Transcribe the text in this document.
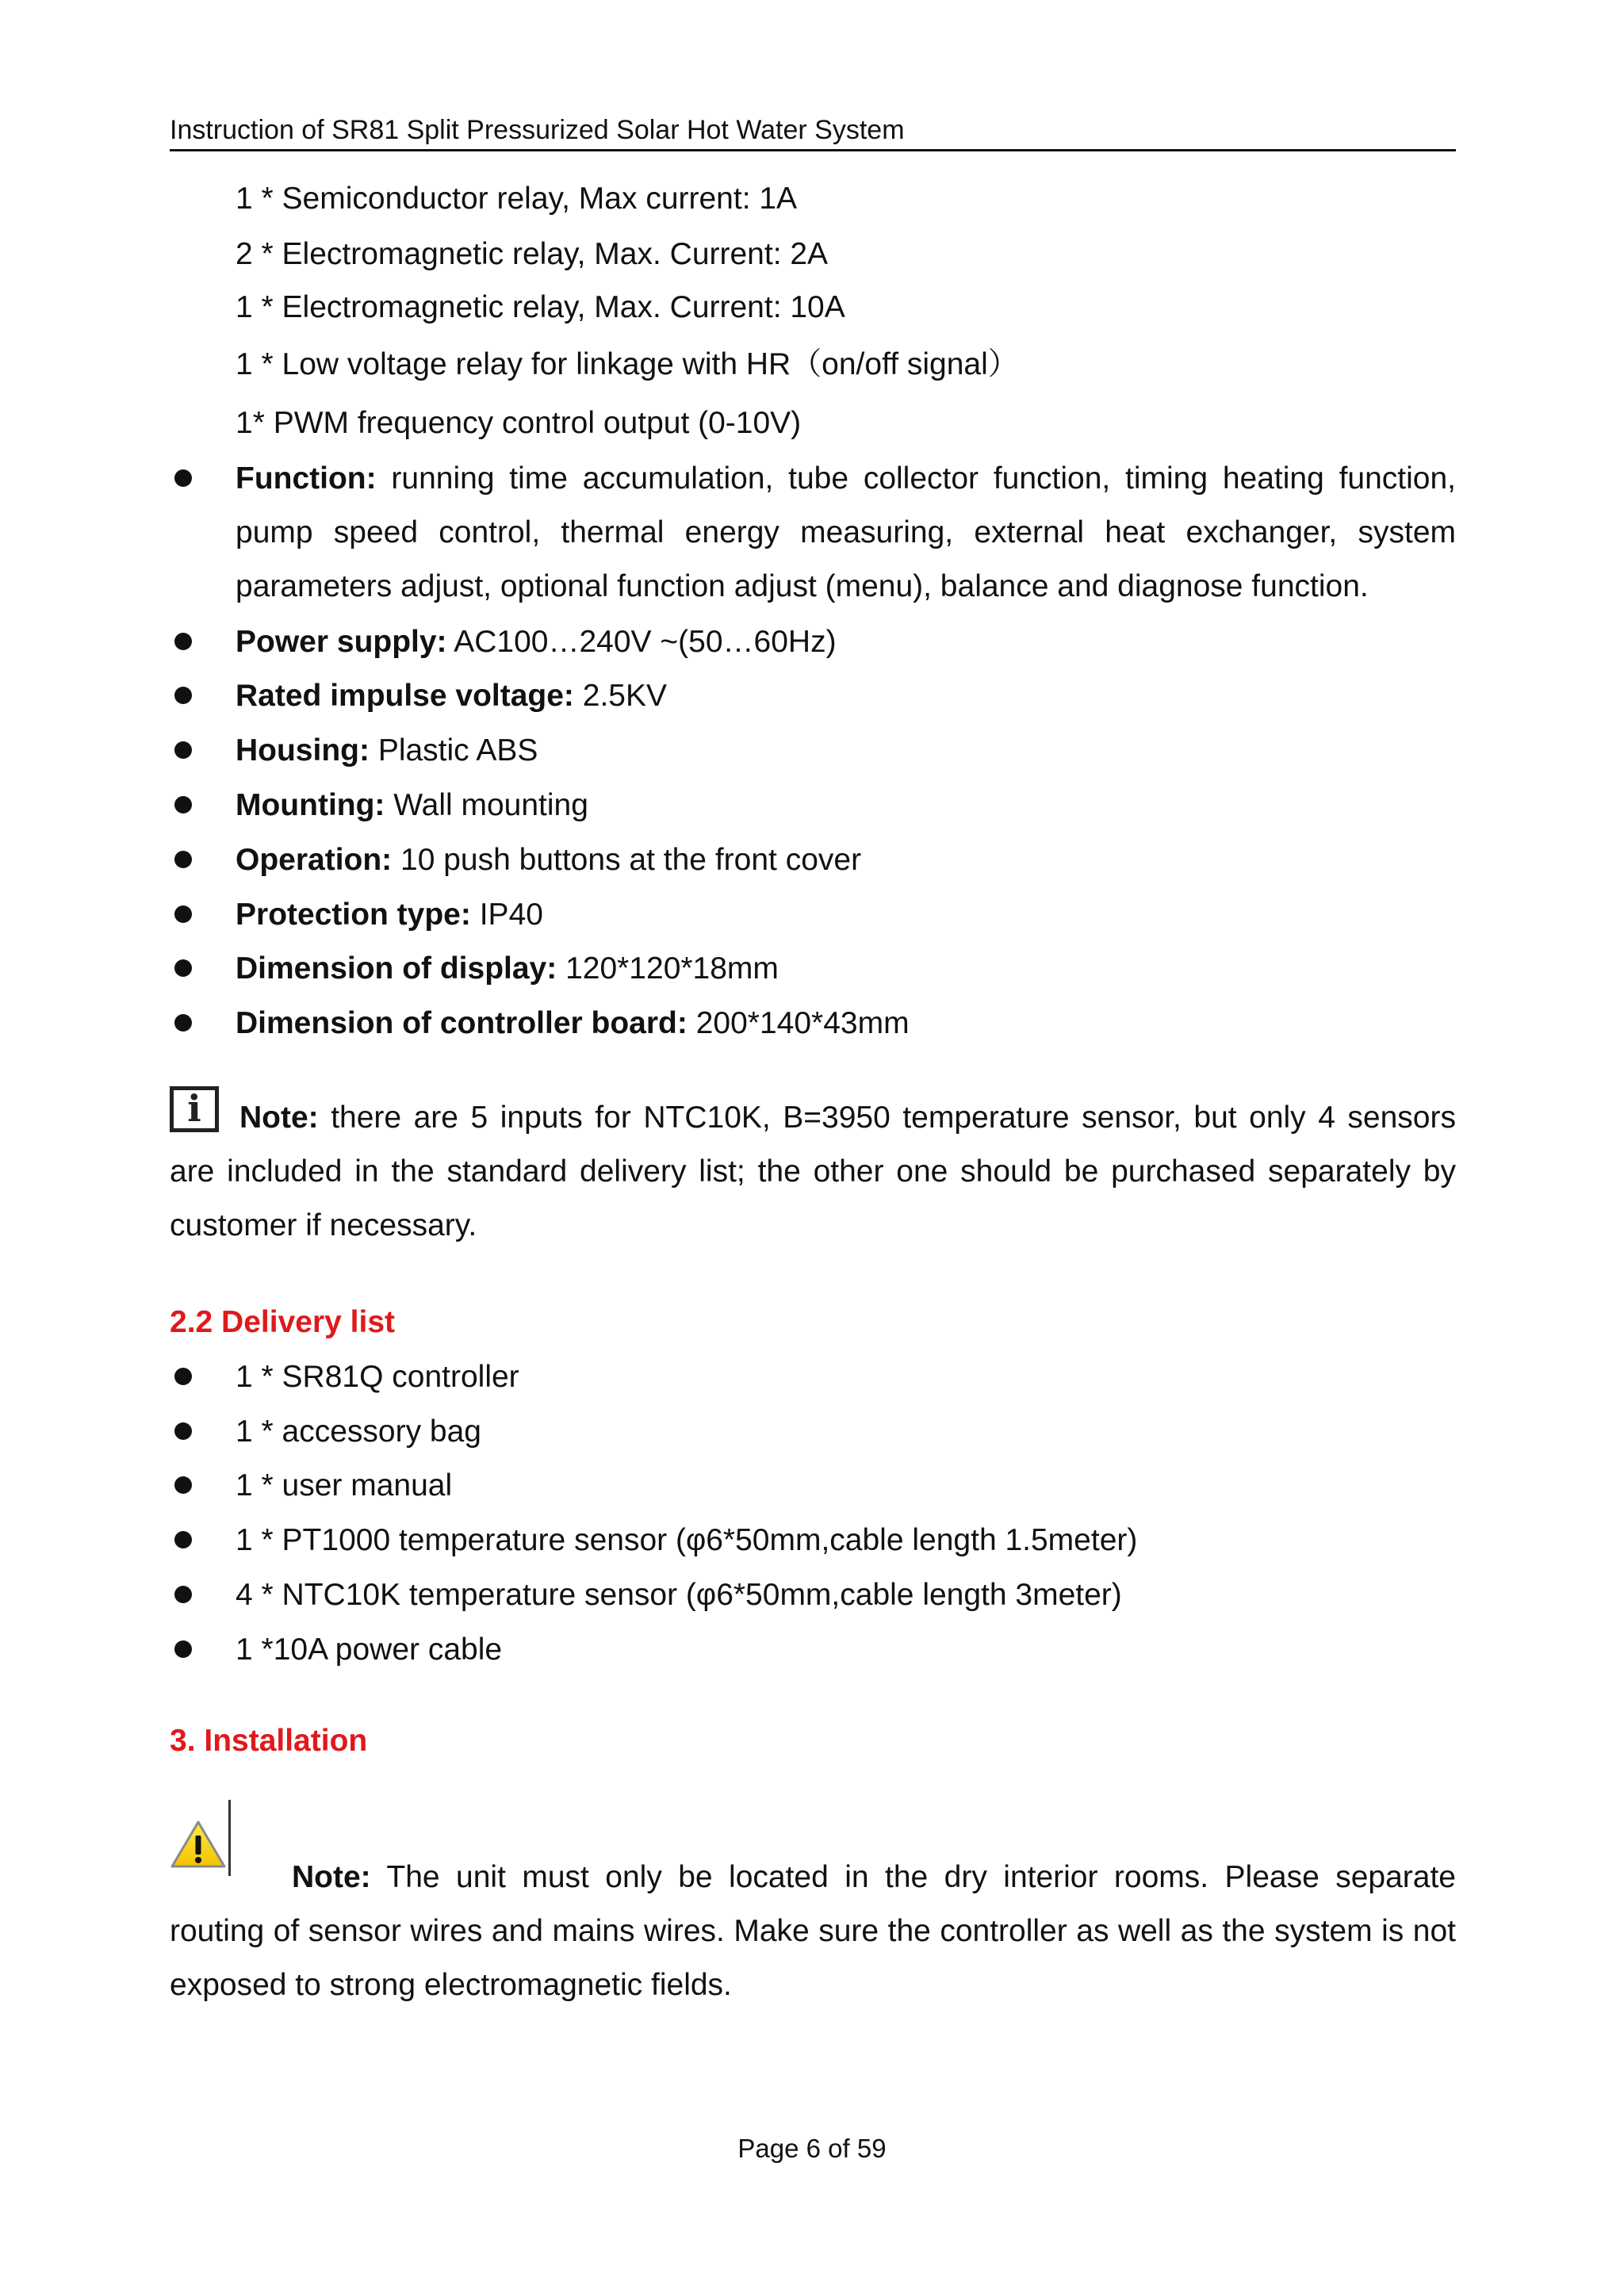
Instruction of SR81 Split Pressurized Solar Hot Water System
1 * Semiconductor relay, Max current: 1A
2 * Electromagnetic relay, Max. Current: 2A
1 * Electromagnetic relay, Max. Current: 10A
1 * Low voltage relay for linkage with HR（on/off signal）
1* PWM frequency control output (0-10V)
Function: running time accumulation, tube collector function, timing heating function, pump speed control, thermal energy measuring, external heat exchanger, system parameters adjust, optional function adjust (menu), balance and diagnose function.
Power supply: AC100…240V ~(50…60Hz)
Rated impulse voltage: 2.5KV
Housing: Plastic ABS
Mounting: Wall mounting
Operation: 10 push buttons at the front cover
Protection type: IP40
Dimension of display: 120*120*18mm
Dimension of controller board: 200*140*43mm
i	Note: there are 5 inputs for NTC10K, B=3950 temperature sensor, but only 4 sensors are included in the standard delivery list; the other one should be purchased separately by customer if necessary.
2.2 Delivery list
1 * SR81Q controller
1 * accessory bag
1 * user manual
1 * PT1000 temperature sensor (φ6*50mm,cable length 1.5meter)
4 * NTC10K temperature sensor (φ6*50mm,cable length 3meter)
1 *10A power cable
3. Installation
Note: The unit must only be located in the dry interior rooms. Please separate routing of sensor wires and mains wires. Make sure the controller as well as the system is not exposed to strong electromagnetic fields.
Page 6 of 59
